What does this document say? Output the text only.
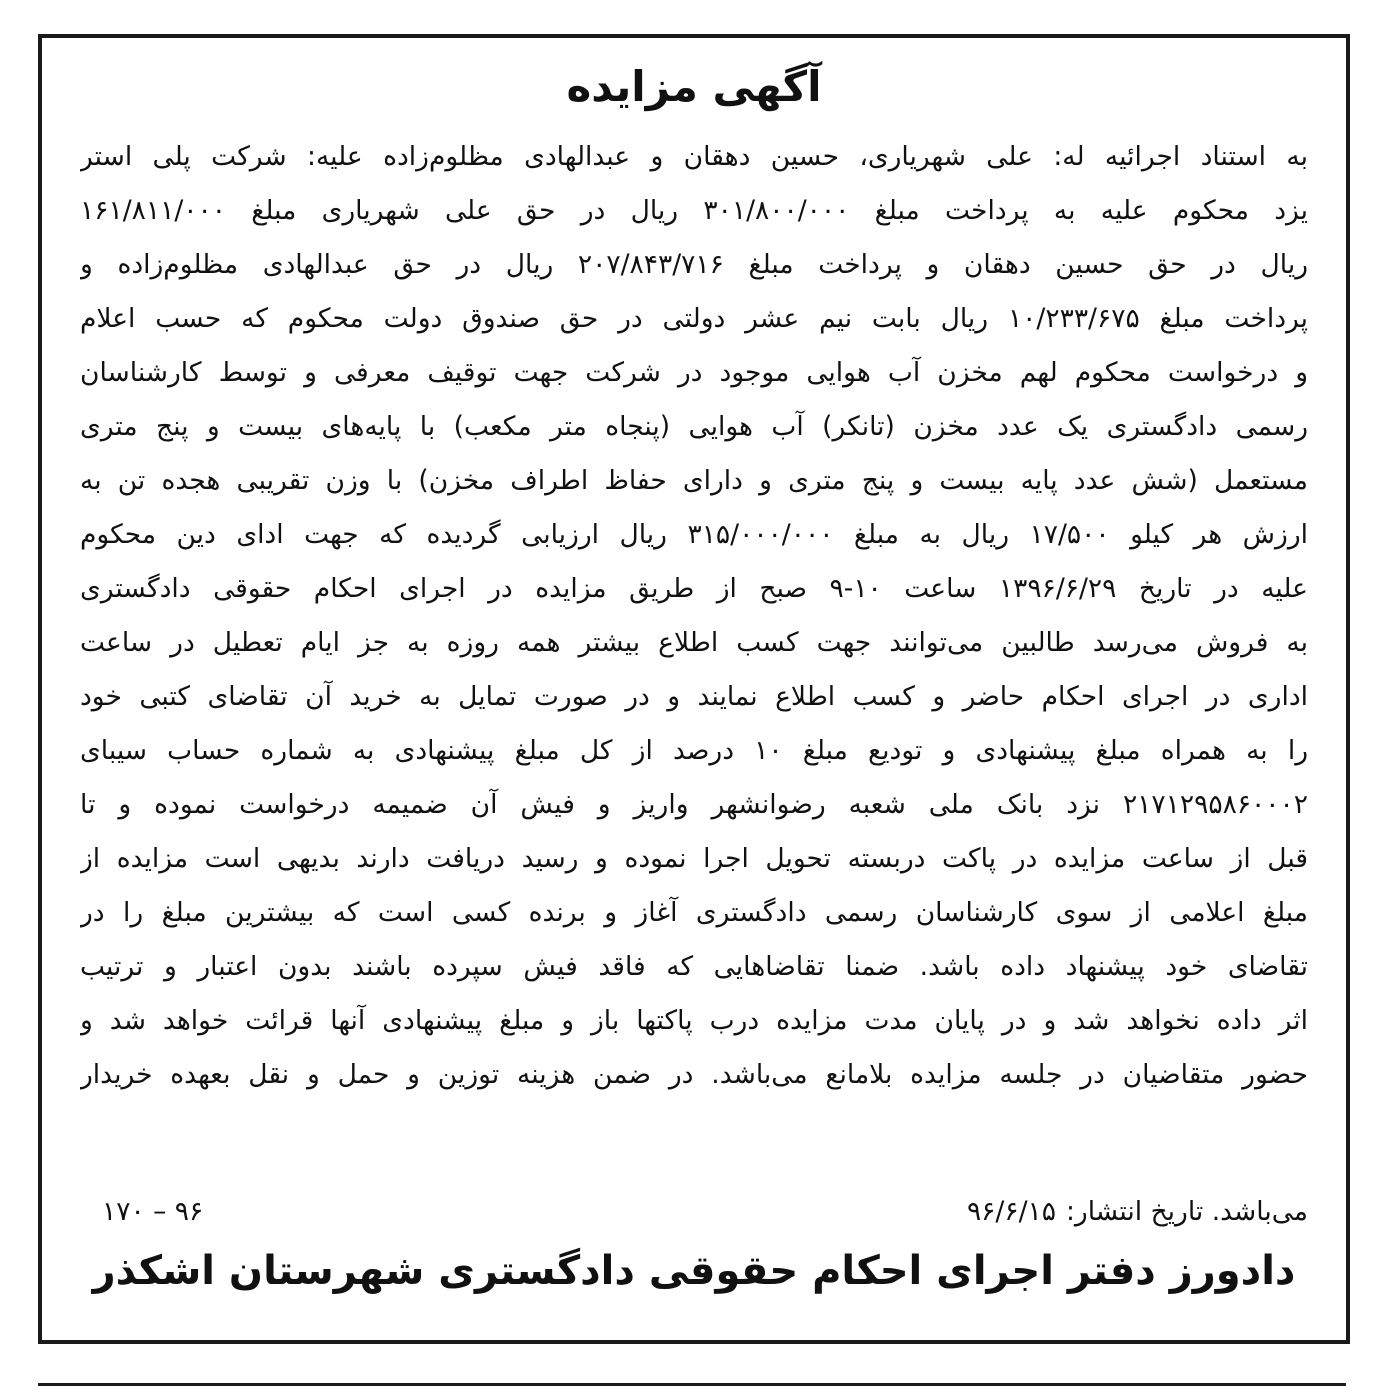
آگهی مزایده
به استناد اجرائیه له: علی شهریاری، حسین دهقان و عبدالهادی مظلوم‌زاده علیه: شرکت پلی استر
یزد محکوم علیه به پرداخت مبلغ ۳۰۱/۸۰۰/۰۰۰ ریال در حق علی شهریاری مبلغ ۱۶۱/۸۱۱/۰۰۰
ریال در حق حسین دهقان و پرداخت مبلغ ۲۰۷/۸۴۳/۷۱۶ ریال در حق عبدالهادی مظلوم‌زاده و
پرداخت مبلغ ۱۰/۲۳۳/۶۷۵ ریال بابت نیم عشر دولتی در حق صندوق دولت محکوم که حسب اعلام
و درخواست محکوم لهم مخزن آب هوایی موجود در شرکت جهت توقیف معرفی و توسط کارشناسان
رسمی دادگستری یک عدد مخزن (تانکر) آب هوایی (پنجاه متر مکعب) با پایه‌های بیست و پنج متری
مستعمل (شش عدد پایه بیست و پنج متری و دارای حفاظ اطراف مخزن) با وزن تقریبی هجده تن به
ارزش هر کیلو ۱۷/۵۰۰ ریال به مبلغ ۳۱۵/۰۰۰/۰۰۰ ریال ارزیابی گردیده که جهت ادای دین محکوم
علیه در تاریخ ۱۳۹۶/۶/۲۹ ساعت ۱۰-۹ صبح از طریق مزایده در اجرای احکام حقوقی دادگستری
به فروش می‌رسد طالبین می‌توانند جهت کسب اطلاع بیشتر همه روزه به جز ایام تعطیل در ساعت
اداری در اجرای احکام حاضر و کسب اطلاع نمایند و در صورت تمایل به خرید آن تقاضای کتبی خود
را به همراه مبلغ پیشنهادی و تودیع مبلغ ۱۰ درصد از کل مبلغ پیشنهادی به شماره حساب سیبای
۲۱۷۱۲۹۵۸۶۰۰۰۲ نزد بانک ملی شعبه رضوانشهر واریز و فیش آن ضمیمه درخواست نموده و تا
قبل از ساعت مزایده در پاکت دربسته تحویل اجرا نموده و رسید دریافت دارند بدیهی است مزایده از
مبلغ اعلامی از سوی کارشناسان رسمی دادگستری آغاز و برنده کسی است که بیشترین مبلغ را در
تقاضای خود پیشنهاد داده باشد. ضمنا تقاضاهایی که فاقد فیش سپرده باشند بدون اعتبار و ترتیب
اثر داده نخواهد شد و در پایان مدت مزایده درب پاکتها باز و مبلغ پیشنهادی آنها قرائت خواهد شد و
حضور متقاضیان در جلسه مزایده بلامانع می‌باشد. در ضمن هزینه توزین و حمل و نقل بعهده خریدار
می‌باشد. تاریخ انتشار:
۹۶/۶/۱۵
۱۷۰ – ۹۶
دادورز دفتر اجرای احکام حقوقی دادگستری شهرستان اشکذر
